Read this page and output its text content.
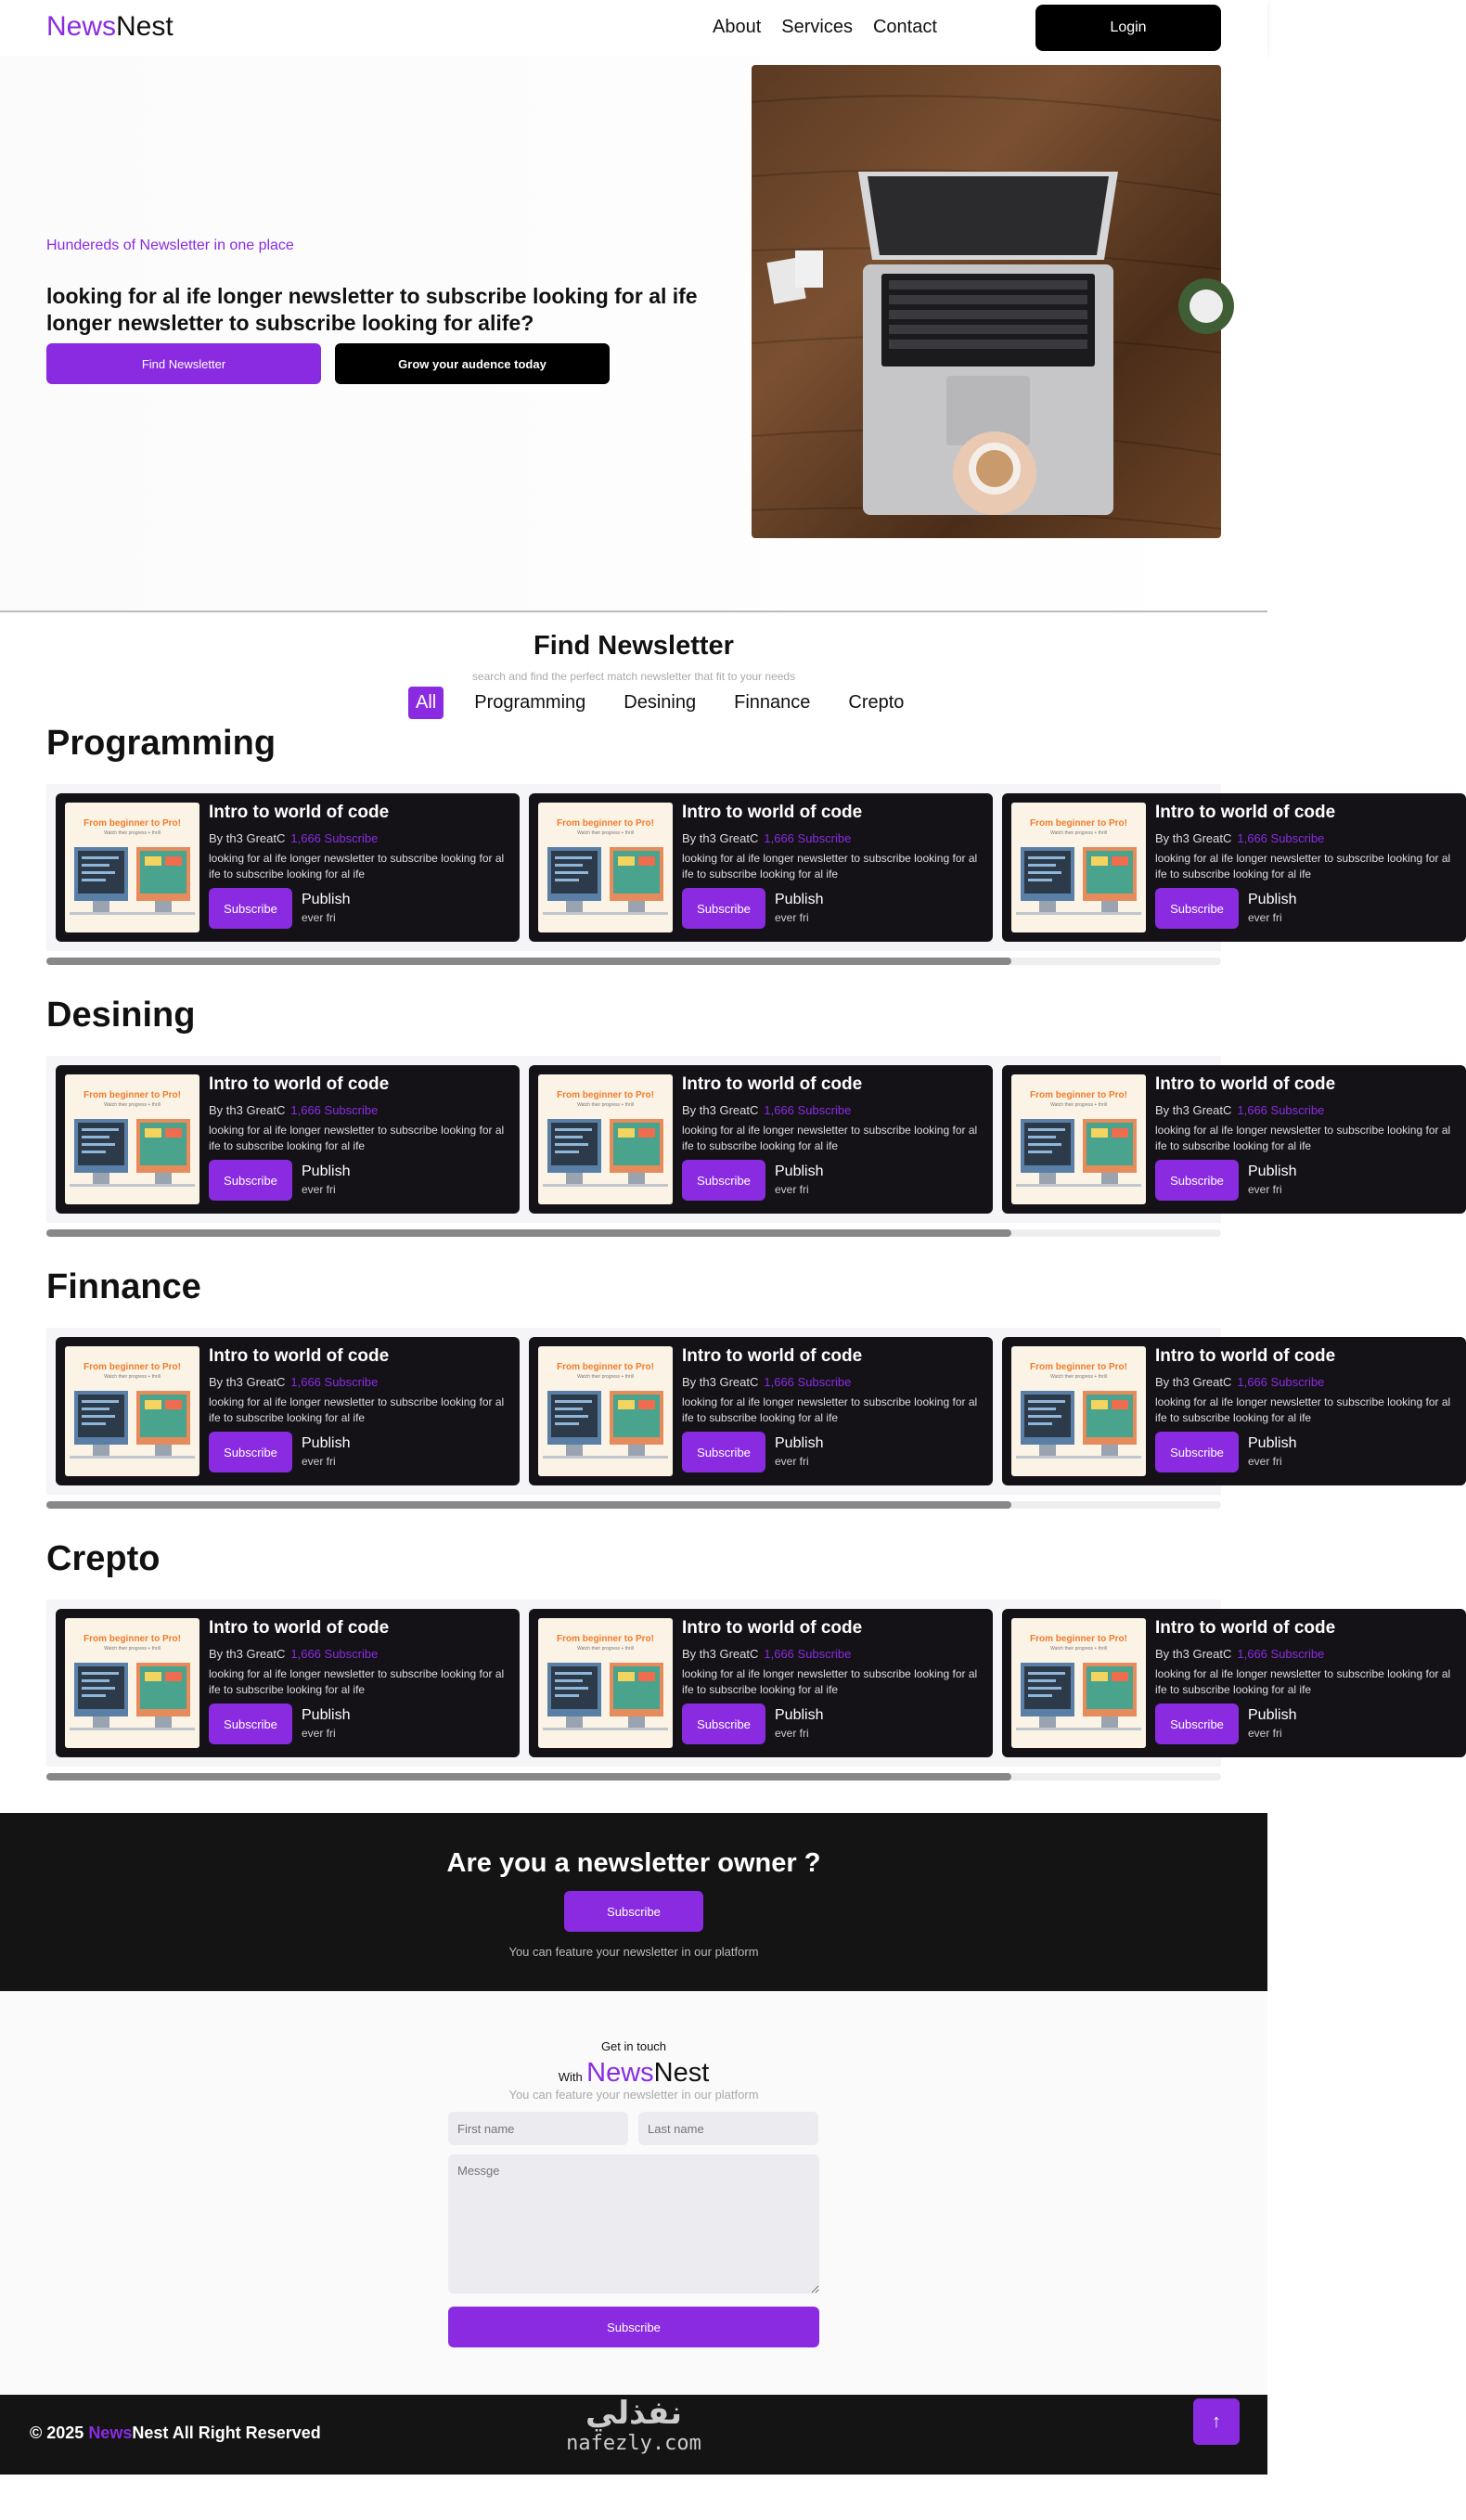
NewsNest	About Services Contact	Login
Hundereds of Newsletter in one place
looking for al ife longer newsletter to subscribe looking for al ife longer newsletter to subscribe looking for alife?
Find Newsletter	Grow your audence today
Find Newsletter
search and find the perfect match newsletter that fit to your needs
All	Programming	Desining	Finnance	Crepto
Programming
From beginner to Pro!
Watch their progress + thrill
Intro to world of code
By th3 GreatC 1,666 Subscribe
looking for al ife longer newsletter to subscribe looking for al ife to subscribe looking for al ife
Subscribe
Publish
ever fri
From beginner to Pro!
Watch their progress + thrill
Intro to world of code
By th3 GreatC 1,666 Subscribe
looking for al ife longer newsletter to subscribe looking for al ife to subscribe looking for al ife
Subscribe
Publish
ever fri
From beginner to Pro!
Watch their progress + thrill
Intro to world of code
By th3 GreatC 1,666 Subscribe
looking for al ife longer newsletter to subscribe looking for al ife to subscribe looking for al ife
Subscribe
Publish
ever fri
Desining
From beginner to Pro!
Watch their progress + thrill
Intro to world of code
By th3 GreatC 1,666 Subscribe
looking for al ife longer newsletter to subscribe looking for al ife to subscribe looking for al ife
Subscribe
Publish
ever fri
From beginner to Pro!
Watch their progress + thrill
Intro to world of code
By th3 GreatC 1,666 Subscribe
looking for al ife longer newsletter to subscribe looking for al ife to subscribe looking for al ife
Subscribe
Publish
ever fri
From beginner to Pro!
Watch their progress + thrill
Intro to world of code
By th3 GreatC 1,666 Subscribe
looking for al ife longer newsletter to subscribe looking for al ife to subscribe looking for al ife
Subscribe
Publish
ever fri
Finnance
From beginner to Pro!
Watch their progress + thrill
Intro to world of code
By th3 GreatC 1,666 Subscribe
looking for al ife longer newsletter to subscribe looking for al ife to subscribe looking for al ife
Subscribe
Publish
ever fri
From beginner to Pro!
Watch their progress + thrill
Intro to world of code
By th3 GreatC 1,666 Subscribe
looking for al ife longer newsletter to subscribe looking for al ife to subscribe looking for al ife
Subscribe
Publish
ever fri
From beginner to Pro!
Watch their progress + thrill
Intro to world of code
By th3 GreatC 1,666 Subscribe
looking for al ife longer newsletter to subscribe looking for al ife to subscribe looking for al ife
Subscribe
Publish
ever fri
Crepto
From beginner to Pro!
Watch their progress + thrill
Intro to world of code
By th3 GreatC 1,666 Subscribe
looking for al ife longer newsletter to subscribe looking for al ife to subscribe looking for al ife
Subscribe
Publish
ever fri
From beginner to Pro!
Watch their progress + thrill
Intro to world of code
By th3 GreatC 1,666 Subscribe
looking for al ife longer newsletter to subscribe looking for al ife to subscribe looking for al ife
Subscribe
Publish
ever fri
From beginner to Pro!
Watch their progress + thrill
Intro to world of code
By th3 GreatC 1,666 Subscribe
looking for al ife longer newsletter to subscribe looking for al ife to subscribe looking for al ife
Subscribe
Publish
ever fri
Are you a newsletter owner ?
Subscribe
You can feature your newsletter in our platform
Get in touch
With NewsNest
You can feature your newsletter in our platform
First name
Last name
Messge
Subscribe
© 2025 NewsNest All Right Reserved
نفذلي
nafezly.com
↑
